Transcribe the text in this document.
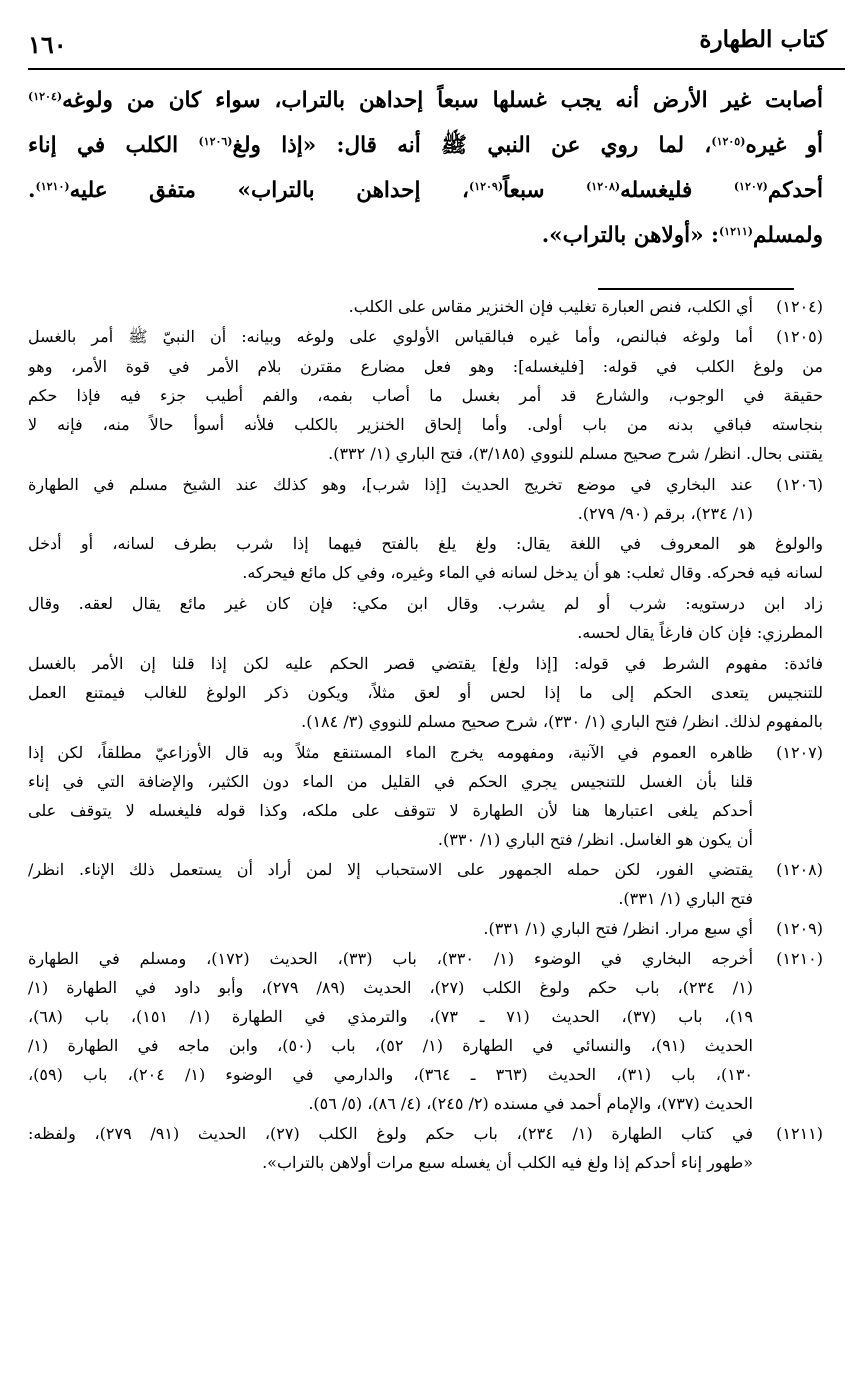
كتاب الطهارة
١٦٠
أصابت غير الأرض أنه يجب غسلها سبعاً إحداهن بالتراب، سواء كان من ولوغه$^{(١٢٠٤)}$
أو غيره$^{(١٢٠٥)}$، لما روي عن النبي ﷺ أنه قال: «إذا ولغ$^{(١٢٠٦)}$ الكلب في إناء
أحدكم$^{(١٢٠٧)}$ فليغسله$^{(١٢٠٨)}$ سبعاً$^{(١٢٠٩)}$، إحداهن بالتراب» متفق عليه$^{(١٢١٠)}$.
ولمسلم$^{(١٢١١)}$: «أولاهن بالتراب».
(١٢٠٤)
أي الكلب، فنص العبارة تغليب فإن الخنزير مقاس على الكلب.
(١٢٠٥)
أما ولوغه فبالنص، وأما غيره فبالقياس الأولوي على ولوغه وبيانه: أن النبيّ ﷺ أمر بالغسل
من ولوغ الكلب في قوله: [فليغسله]: وهو فعل مضارع مقترن بلام الأمر في قوة الأمر، وهو
حقيقة في الوجوب، والشارع قد أمر بغسل ما أصاب بفمه، والفم أطيب جزء فيه فإذا حكم
بنجاسته فباقي بدنه من باب أولى. وأما إلحاق الخنزير بالكلب فلأنه أسوأ حالاً منه، فإنه لا
يقتنى بحال. انظر/ شرح صحيح مسلم للنووي (٣/١٨٥)، فتح الباري (١/ ٣٣٢).
(١٢٠٦)
عند البخاري في موضع تخريج الحديث [إذا شرب]، وهو كذلك عند الشيخ مسلم في الطهارة
(١/ ٢٣٤)، برقم (٩٠/ ٢٧٩).
والولوغ هو المعروف في اللغة يقال: ولغ يلغ بالفتح فيهما إذا شرب بطرف لسانه، أو أدخل
لسانه فيه فحركه. وقال ثعلب: هو أن يدخل لسانه في الماء وغيره، وفي كل مائع فيحركه.
زاد ابن درستويه: شرب أو لم يشرب. وقال ابن مكي: فإن كان غير مائع يقال لعقه. وقال
المطرزي: فإن كان فارغاً يقال لحسه.
فائدة: مفهوم الشرط في قوله: [إذا ولغ] يقتضي قصر الحكم عليه لكن إذا قلنا إن الأمر بالغسل
للتنجيس يتعدى الحكم إلى ما إذا لحس أو لعق مثلاً، ويكون ذكر الولوغ للغالب فيمتنع العمل
بالمفهوم لذلك. انظر/ فتح الباري (١/ ٣٣٠)، شرح صحيح مسلم للنووي (٣/ ١٨٤).
(١٢٠٧)
ظاهره العموم في الآنية، ومفهومه يخرج الماء المستنقع مثلاً وبه قال الأوزاعيّ مطلقاً، لكن إذا
قلنا بأن الغسل للتنجيس يجري الحكم في القليل من الماء دون الكثير، والإضافة التي في إناء
أحدكم يلغى اعتبارها هنا لأن الطهارة لا تتوقف على ملكه، وكذا قوله فليغسله لا يتوقف على
أن يكون هو الغاسل. انظر/ فتح الباري (١/ ٣٣٠).
(١٢٠٨)
يقتضي الفور، لكن حمله الجمهور على الاستحباب إلا لمن أراد أن يستعمل ذلك الإناء. انظر/
فتح الباري (١/ ٣٣١).
(١٢٠٩)
أي سبع مرار. انظر/ فتح الباري (١/ ٣٣١).
(١٢١٠)
أخرجه البخاري في الوضوء (١/ ٣٣٠)، باب (٣٣)، الحديث (١٧٢)، ومسلم في الطهارة
(١/ ٢٣٤)، باب حكم ولوغ الكلب (٢٧)، الحديث (٨٩/ ٢٧٩)، وأبو داود في الطهارة (١/
١٩)، باب (٣٧)، الحديث (٧١ ـ ٧٣)، والترمذي في الطهارة (١/ ١٥١)، باب (٦٨)،
الحديث (٩١)، والنسائي في الطهارة (١/ ٥٢)، باب (٥٠)، وابن ماجه في الطهارة (١/
١٣٠)، باب (٣١)، الحديث (٣٦٣ ـ ٣٦٤)، والدارمي في الوضوء (١/ ٢٠٤)، باب (٥٩)،
الحديث (٧٣٧)، والإمام أحمد في مسنده (٢/ ٢٤٥)، (٤/ ٨٦)، (٥/ ٥٦).
(١٢١١)
في كتاب الطهارة (١/ ٢٣٤)، باب حكم ولوغ الكلب (٢٧)، الحديث (٩١/ ٢٧٩)، ولفظه:
«طهور إناء أحدكم إذا ولغ فيه الكلب أن يغسله سبع مرات أولاهن بالتراب».
